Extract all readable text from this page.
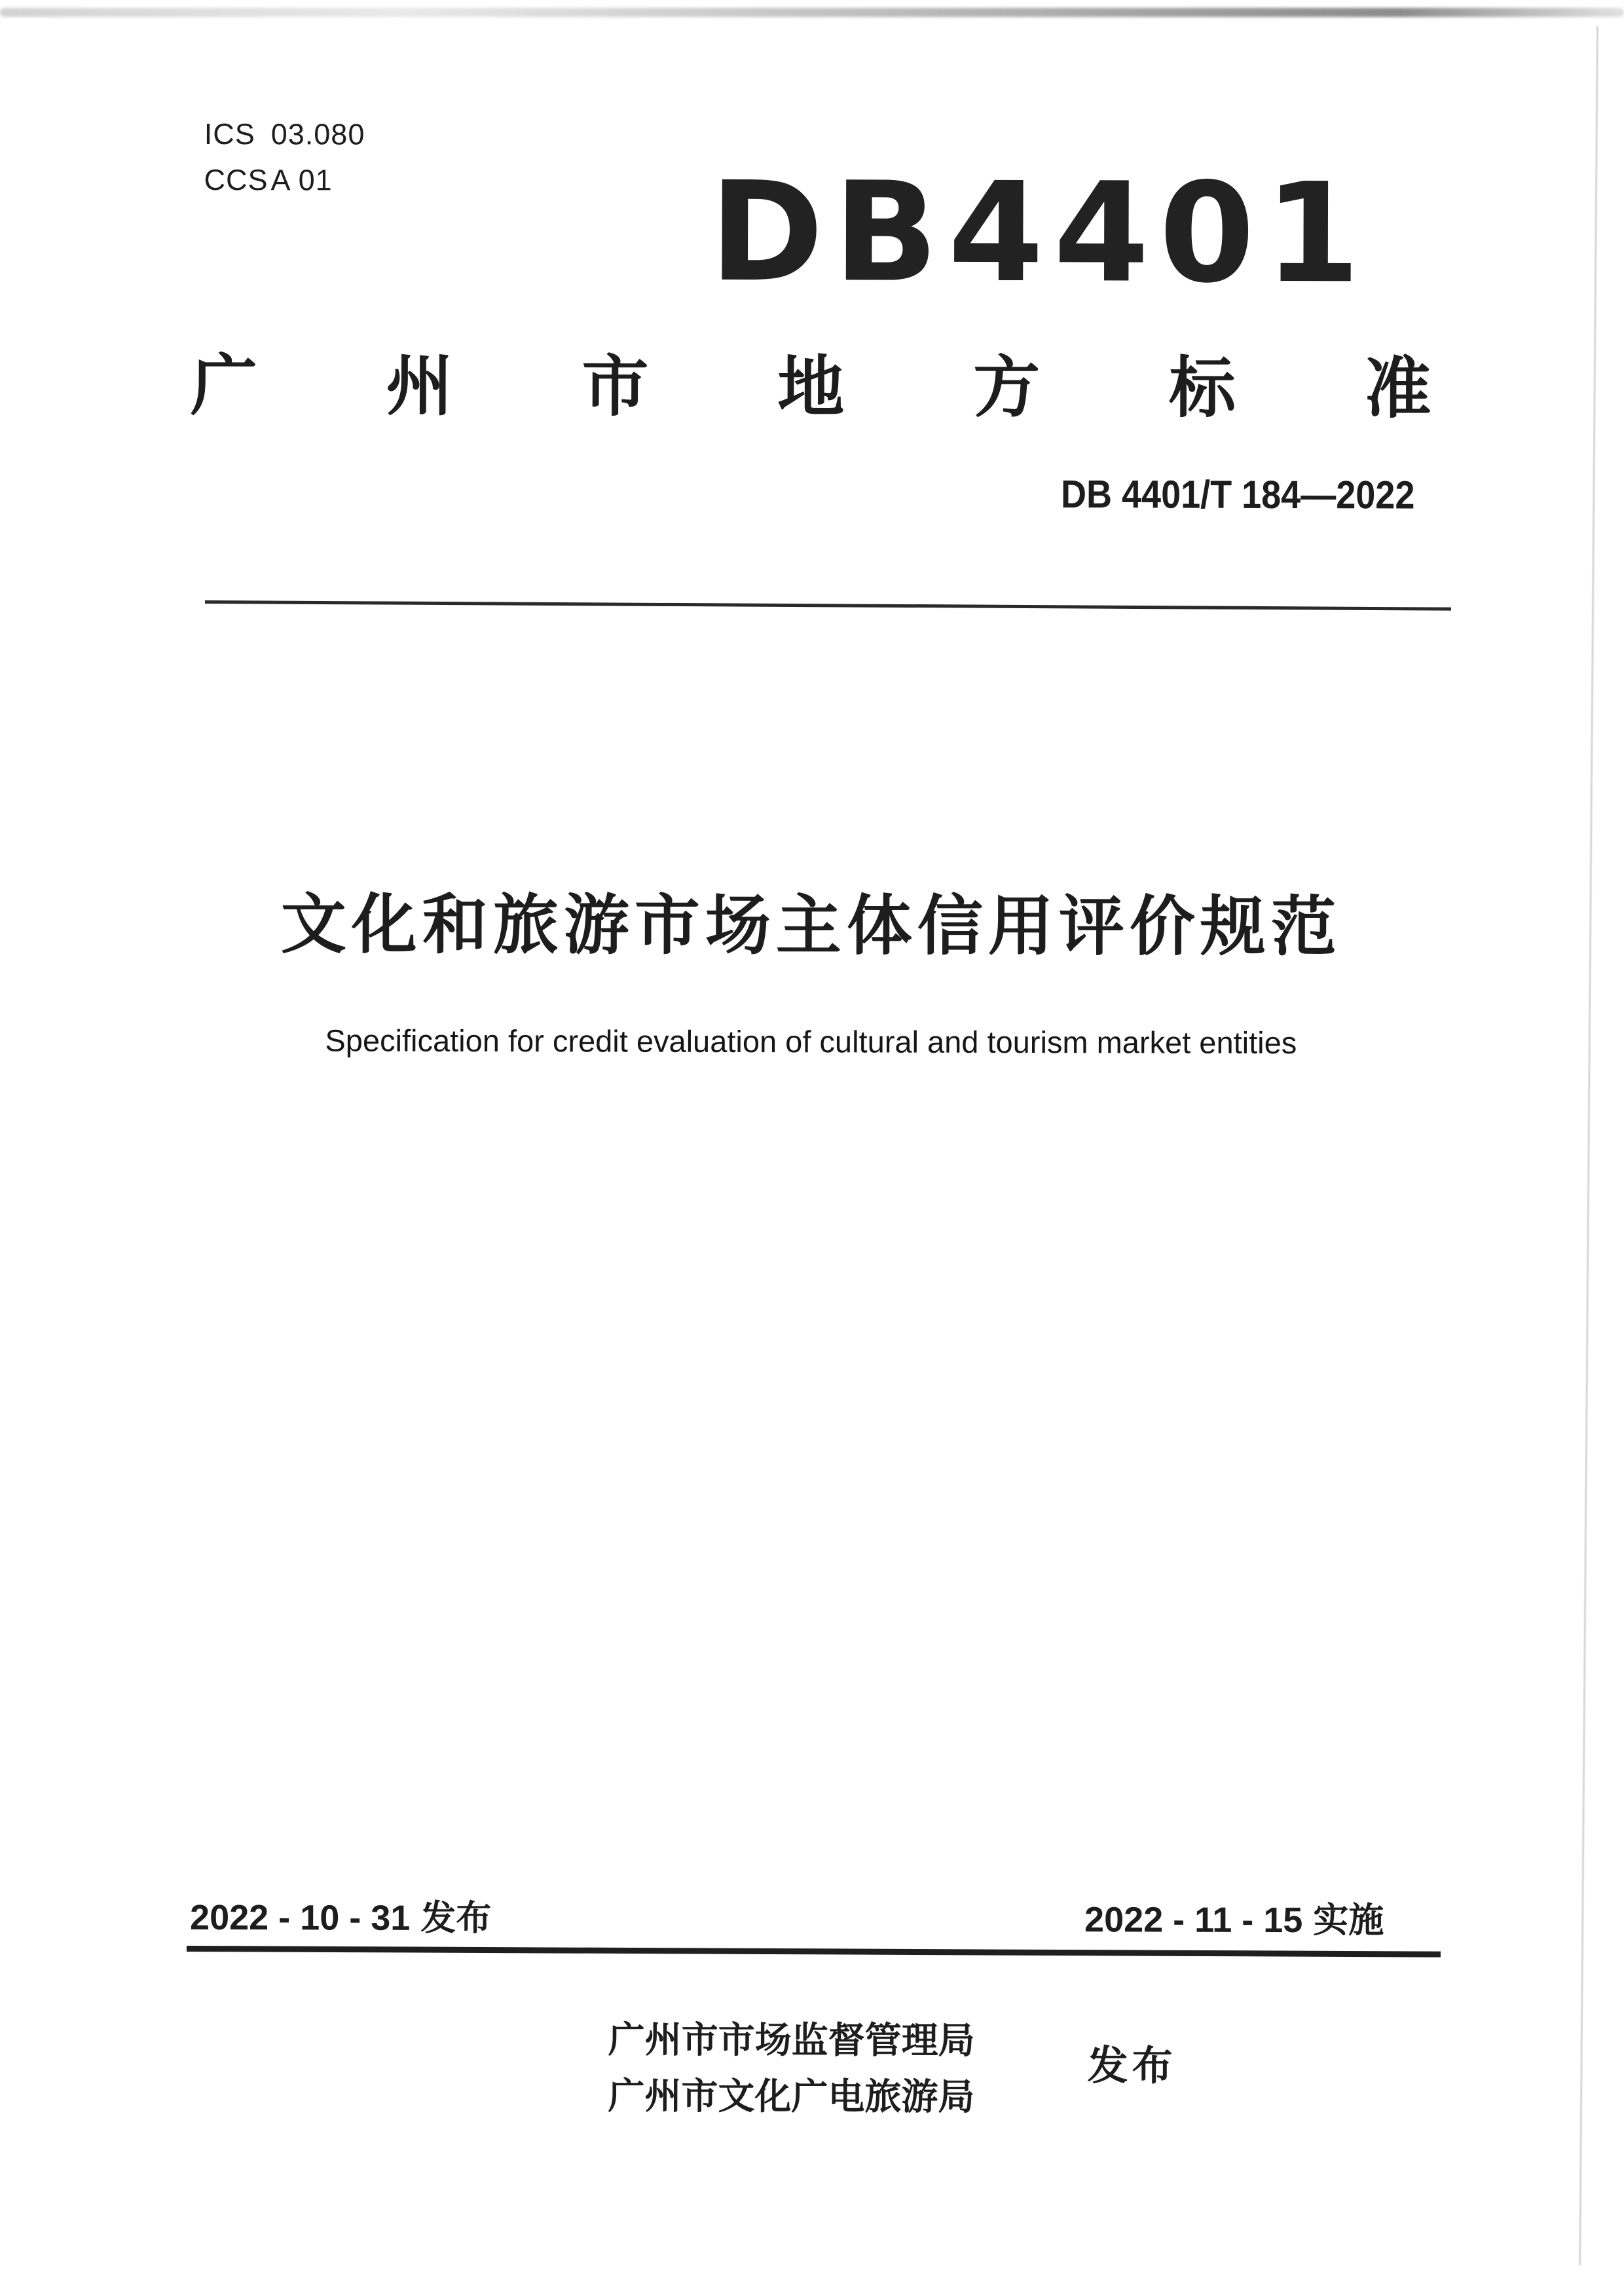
ICS 03.080
CCSA 01	DB4401
广 州 市 地 方 标 准
DB 4401/T 184—2022
文化和旅游市场主体信用评价规范
Specification for credit evaluation of cultural and tourism market entities
2022 - 10 - 31 发布	2022 - 11 - 15 实施
广州市市场监督管理局
广州市文化广电旅游局
发布
